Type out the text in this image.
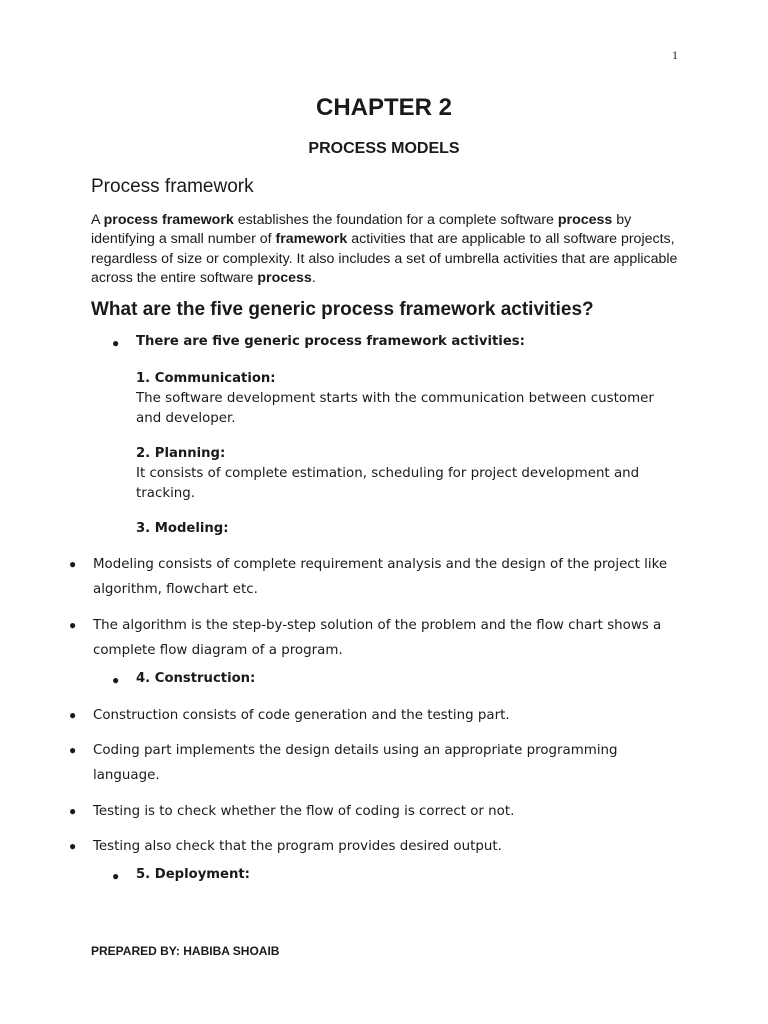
1
CHAPTER 2
PROCESS MODELS
Process framework

A process framework establishes the foundation for a complete software process by identifying a small number of framework activities that are applicable to all software projects, regardless of size or complexity. It also includes a set of umbrella activities that are applicable across the entire software process.

What are the five generic process framework activities?
● There are five generic process framework activities:
1. Communication:
The software development starts with the communication between customer and developer.
2. Planning:
It consists of complete estimation, scheduling for project development and tracking.
3. Modeling:
● Modeling consists of complete requirement analysis and the design of the project like algorithm, flowchart etc.
● The algorithm is the step-by-step solution of the problem and the flow chart shows a complete flow diagram of a program.
● 4. Construction:
● Construction consists of code generation and the testing part.
● Coding part implements the design details using an appropriate programming language.
● Testing is to check whether the flow of coding is correct or not.
● Testing also check that the program provides desired output.
● 5. Deployment:
PREPARED BY: HABIBA SHOAIB
